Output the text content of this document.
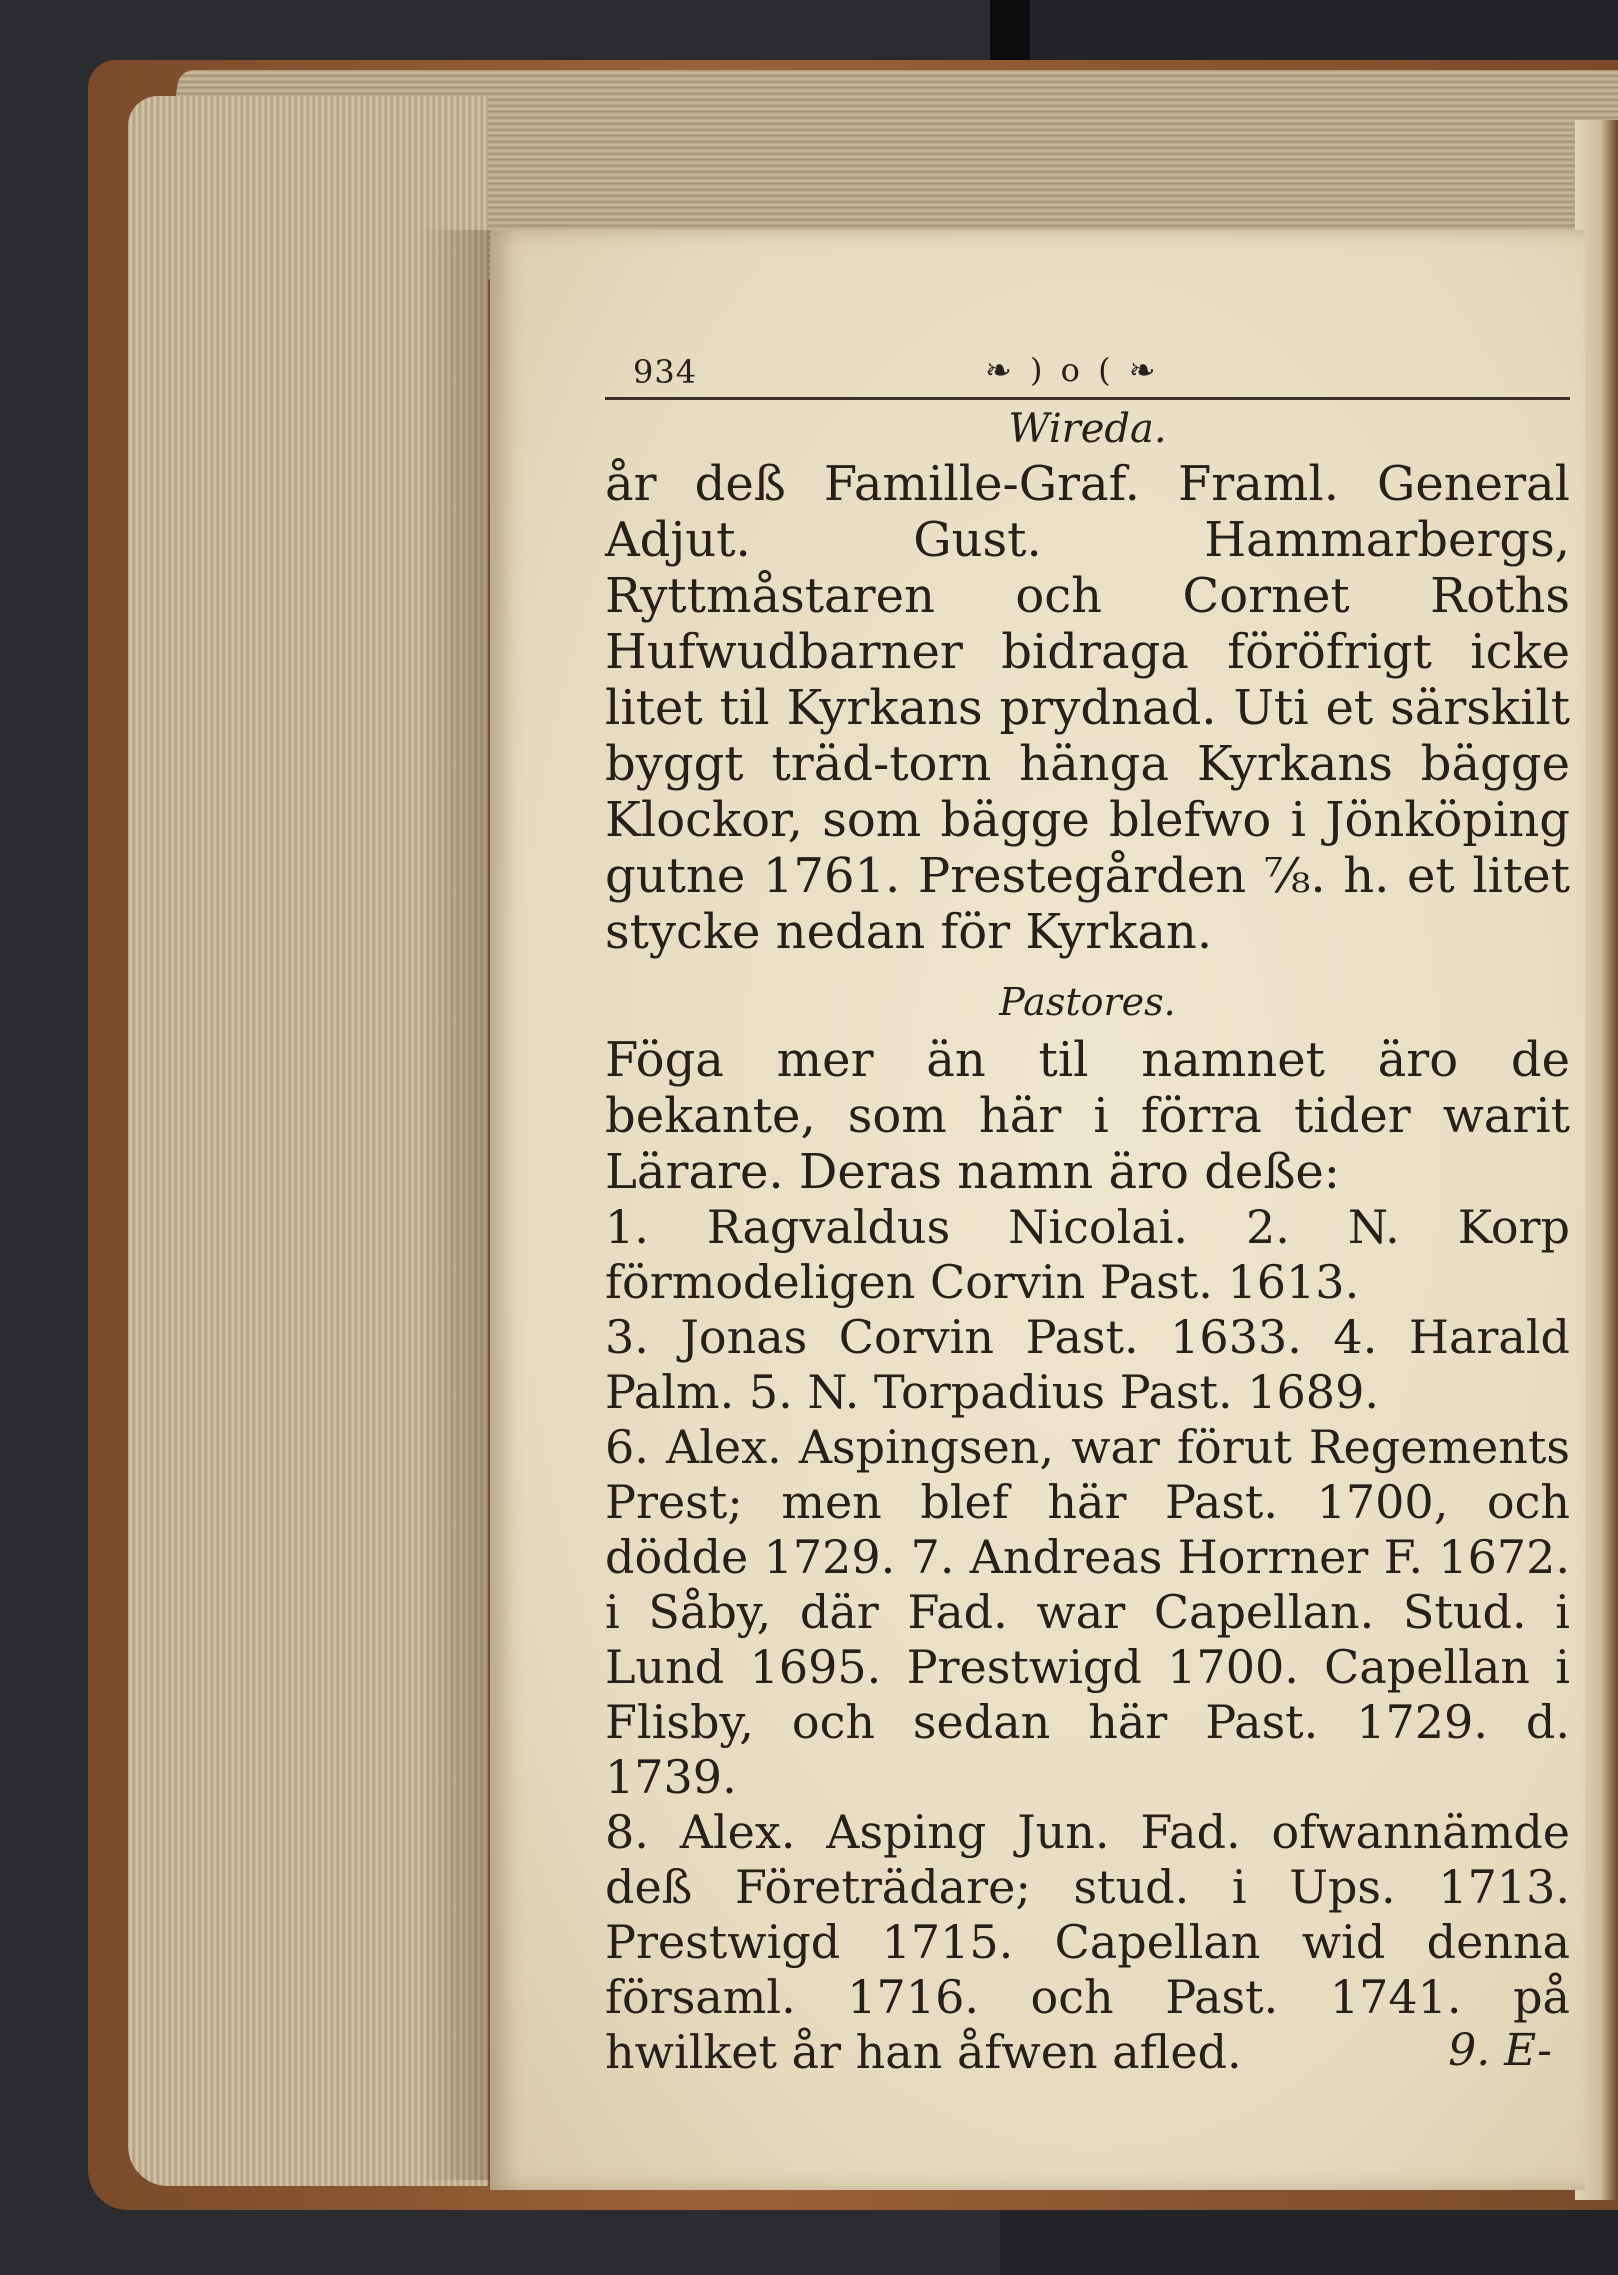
934	❧ ) o ( ❧
Wireda.

år deß Famille-Graf. Framl. General Adjut. Gust. Hammarbergs, Ryttmåstaren och Cornet Roths Hufwudbarner bidraga föröfrigt icke litet til Kyrkans prydnad. Uti et särskilt byggt träd-torn hänga Kyrkans bägge Klockor, som bägge blefwo i Jönköping gutne 1761. Prestegården ⅞. h. et litet stycke nedan för Kyrkan.

Pastores.

Föga mer än til namnet äro de bekante, som här i förra tider warit Lärare. Deras namn äro deße:

1. Ragvaldus Nicolai. 2. N. Korp förmodeligen Corvin Past. 1613.

3. Jonas Corvin Past. 1633. 4. Harald Palm. 5. N. Torpadius Past. 1689.

6. Alex. Aspingsen, war förut Regements Prest; men blef här Past. 1700, och dödde 1729. 7. Andreas Horrner F. 1672. i Såby, där Fad. war Capellan. Stud. i Lund 1695. Prestwigd 1700. Capellan i Flisby, och sedan här Past. 1729. d. 1739.

8. Alex. Asping Jun. Fad. ofwannämde deß Företrädare; stud. i Ups. 1713. Prestwigd 1715. Capellan wid denna församl. 1716. och Past. 1741. på hwilket år han åfwen afled.	9. E-
